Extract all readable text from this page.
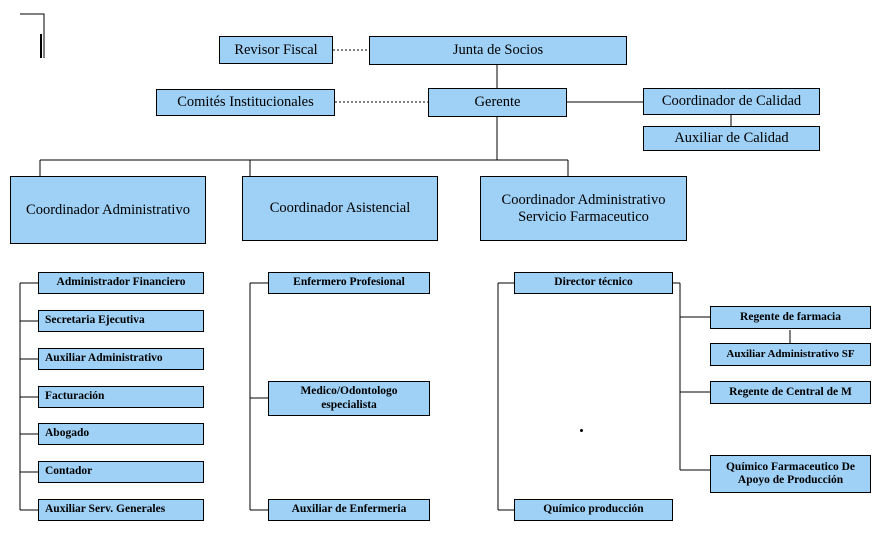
Revisor Fiscal	Junta de Socios
Comités Institucionales	Gerente	Coordinador de Calidad
Auxiliar de Calidad
Coordinador Administrativo	Coordinador Asistencial
Coordinador Administrativo Servicio Farmaceutico
Administrador Financiero
Secretaria Ejecutiva
Auxiliar Administrativo
Facturación
Abogado
Contador
Auxiliar Serv. Generales
Enfermero Profesional
Medico/Odontologo especialista
Auxiliar de Enfermeria
Director técnico
Químico producción
Regente de farmacia
Auxiliar Administrativo SF
Regente de Central de M
Químico Farmaceutico De Apoyo de Producción
